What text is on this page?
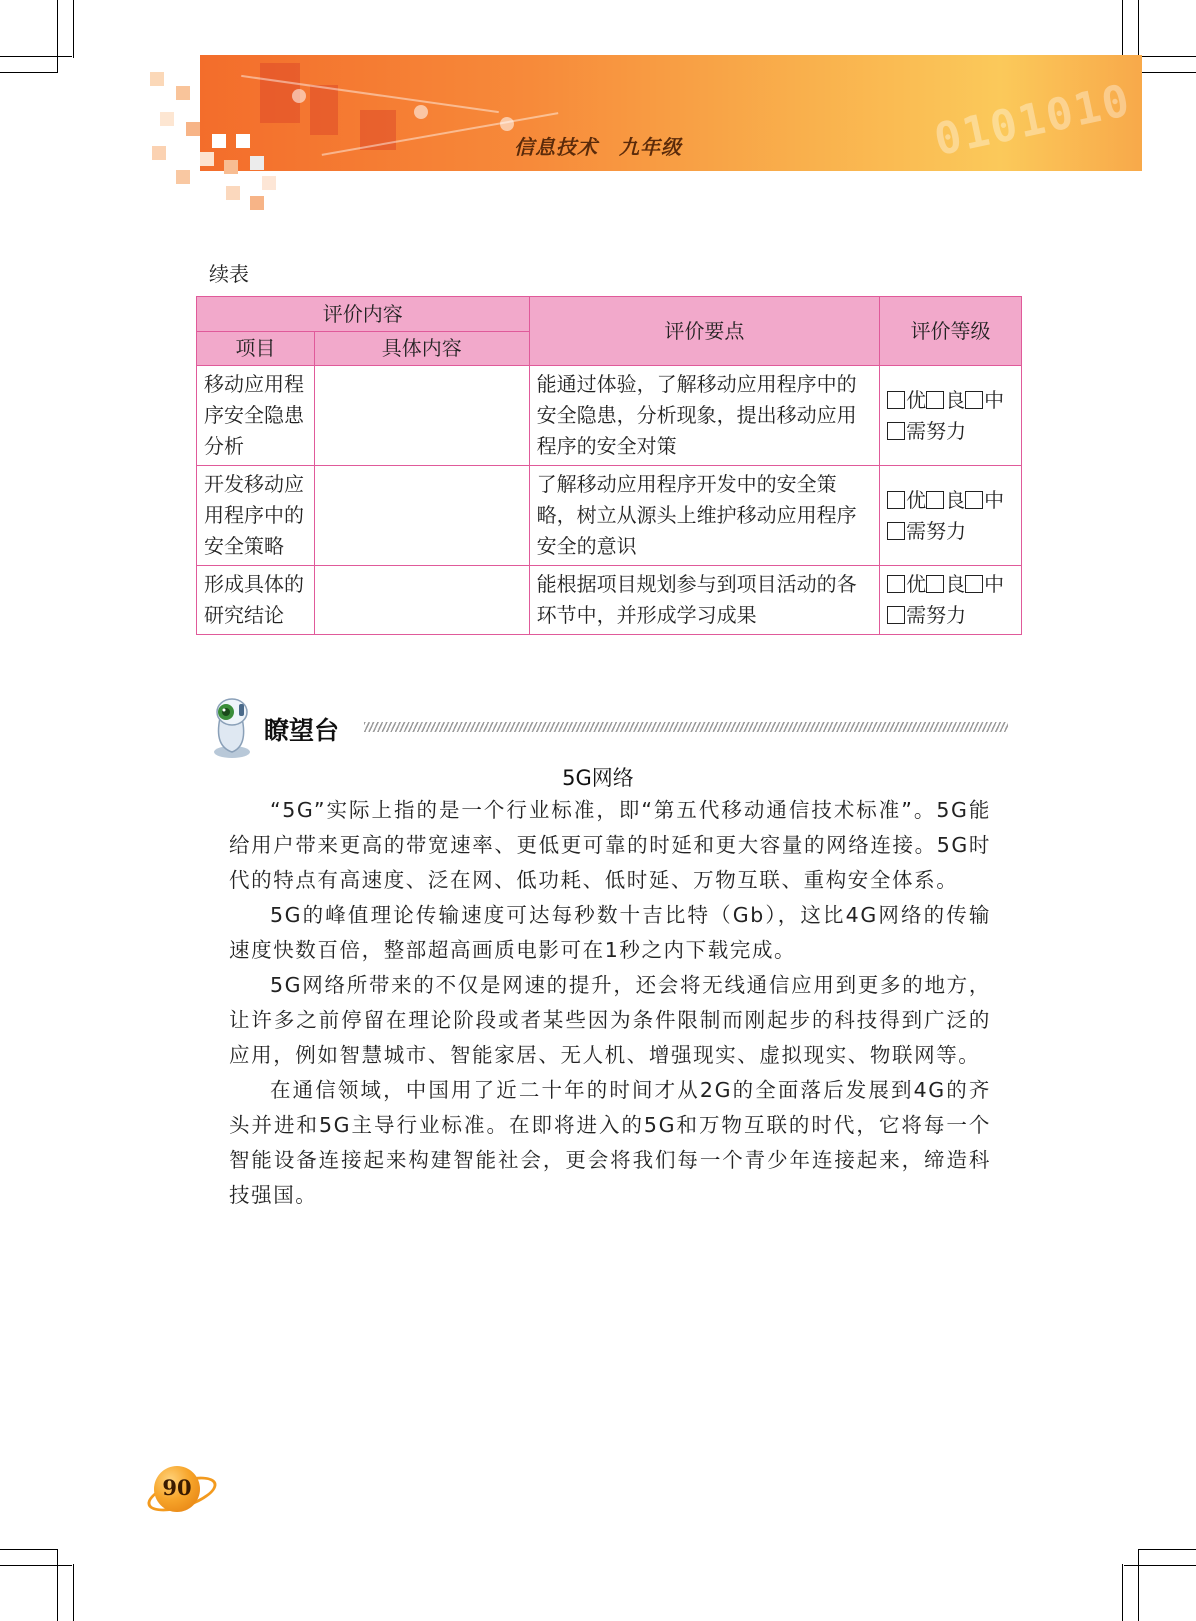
0101010
信息技术　九年级
续表
评价内容		评价要点	评价等级
项目	具体内容		
移动应用程序安全隐患分析		能通过体验，了解移动应用程序中的安全隐患，分析现象，提出移动应用程序的安全对策	优 良 中
需努力
开发移动应用程序中的安全策略		了解移动应用程序开发中的安全策略，树立从源头上维护移动应用程序安全的意识	优 良 中
需努力
形成具体的研究结论		能根据项目规划参与到项目活动的各环节中，并形成学习成果	优 良 中
需努力
瞭望台
5G网络

“5G”实际上指的是一个行业标准，即“第五代移动通信技术标准”。5G能给用户带来更高的带宽速率、更低更可靠的时延和更大容量的网络连接。5G时代的特点有高速度、泛在网、低功耗、低时延、万物互联、重构安全体系。

5G的峰值理论传输速度可达每秒数十吉比特（Gb），这比4G网络的传输速度快数百倍，整部超高画质电影可在1秒之内下载完成。

5G网络所带来的不仅是网速的提升，还会将无线通信应用到更多的地方，让许多之前停留在理论阶段或者某些因为条件限制而刚起步的科技得到广泛的应用，例如智慧城市、智能家居、无人机、增强现实、虚拟现实、物联网等。

在通信领域，中国用了近二十年的时间才从2G的全面落后发展到4G的齐头并进和5G主导行业标准。在即将进入的5G和万物互联的时代，它将每一个智能设备连接起来构建智能社会，更会将我们每一个青少年连接起来，缔造科技强国。

90
